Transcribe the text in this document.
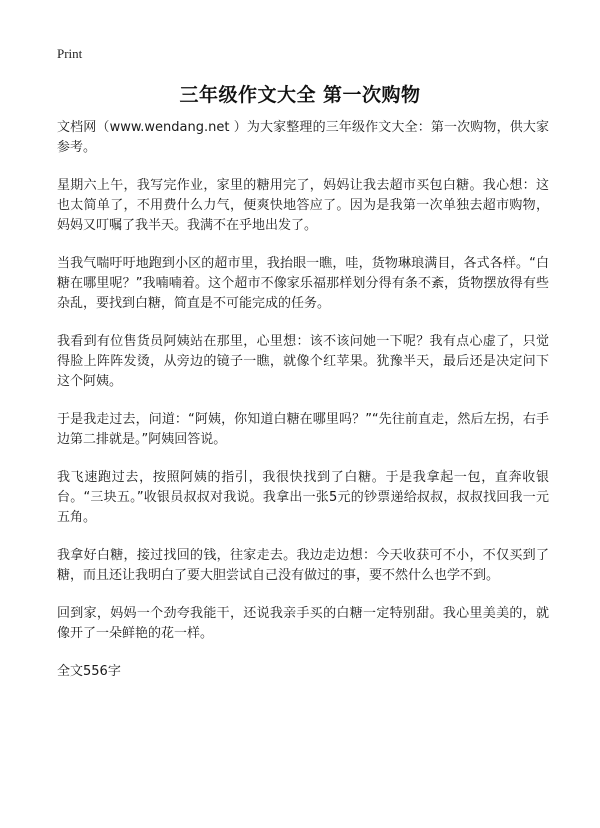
Print
三年级作文大全 第一次购物

文档网（www.wendang.net ）为大家整理的三年级作文大全：第一次购物，供大家参考。

星期六上午，我写完作业，家里的糖用完了，妈妈让我去超市买包白糖。我心想：这也太简单了，不用费什么力气，便爽快地答应了。因为是我第一次单独去超市购物，妈妈又叮嘱了我半天。我满不在乎地出发了。

当我气喘吁吁地跑到小区的超市里，我抬眼一瞧，哇，货物琳琅满目，各式各样。“白糖在哪里呢？”我喃喃着。这个超市不像家乐福那样划分得有条不紊，货物摆放得有些杂乱，要找到白糖，简直是不可能完成的任务。

我看到有位售货员阿姨站在那里，心里想：该不该问她一下呢？我有点心虚了，只觉得脸上阵阵发烫，从旁边的镜子一瞧，就像个红苹果。犹豫半天，最后还是决定问下这个阿姨。

于是我走过去，问道：“阿姨，你知道白糖在哪里吗？”“先往前直走，然后左拐，右手边第二排就是。”阿姨回答说。

我飞速跑过去，按照阿姨的指引，我很快找到了白糖。于是我拿起一包，直奔收银台。“三块五。”收银员叔叔对我说。我拿出一张5元的钞票递给叔叔，叔叔找回我一元五角。

我拿好白糖，接过找回的钱，往家走去。我边走边想：今天收获可不小，不仅买到了糖，而且还让我明白了要大胆尝试自己没有做过的事，要不然什么也学不到。

回到家，妈妈一个劲夸我能干，还说我亲手买的白糖一定特别甜。我心里美美的，就像开了一朵鲜艳的花一样。

全文556字
